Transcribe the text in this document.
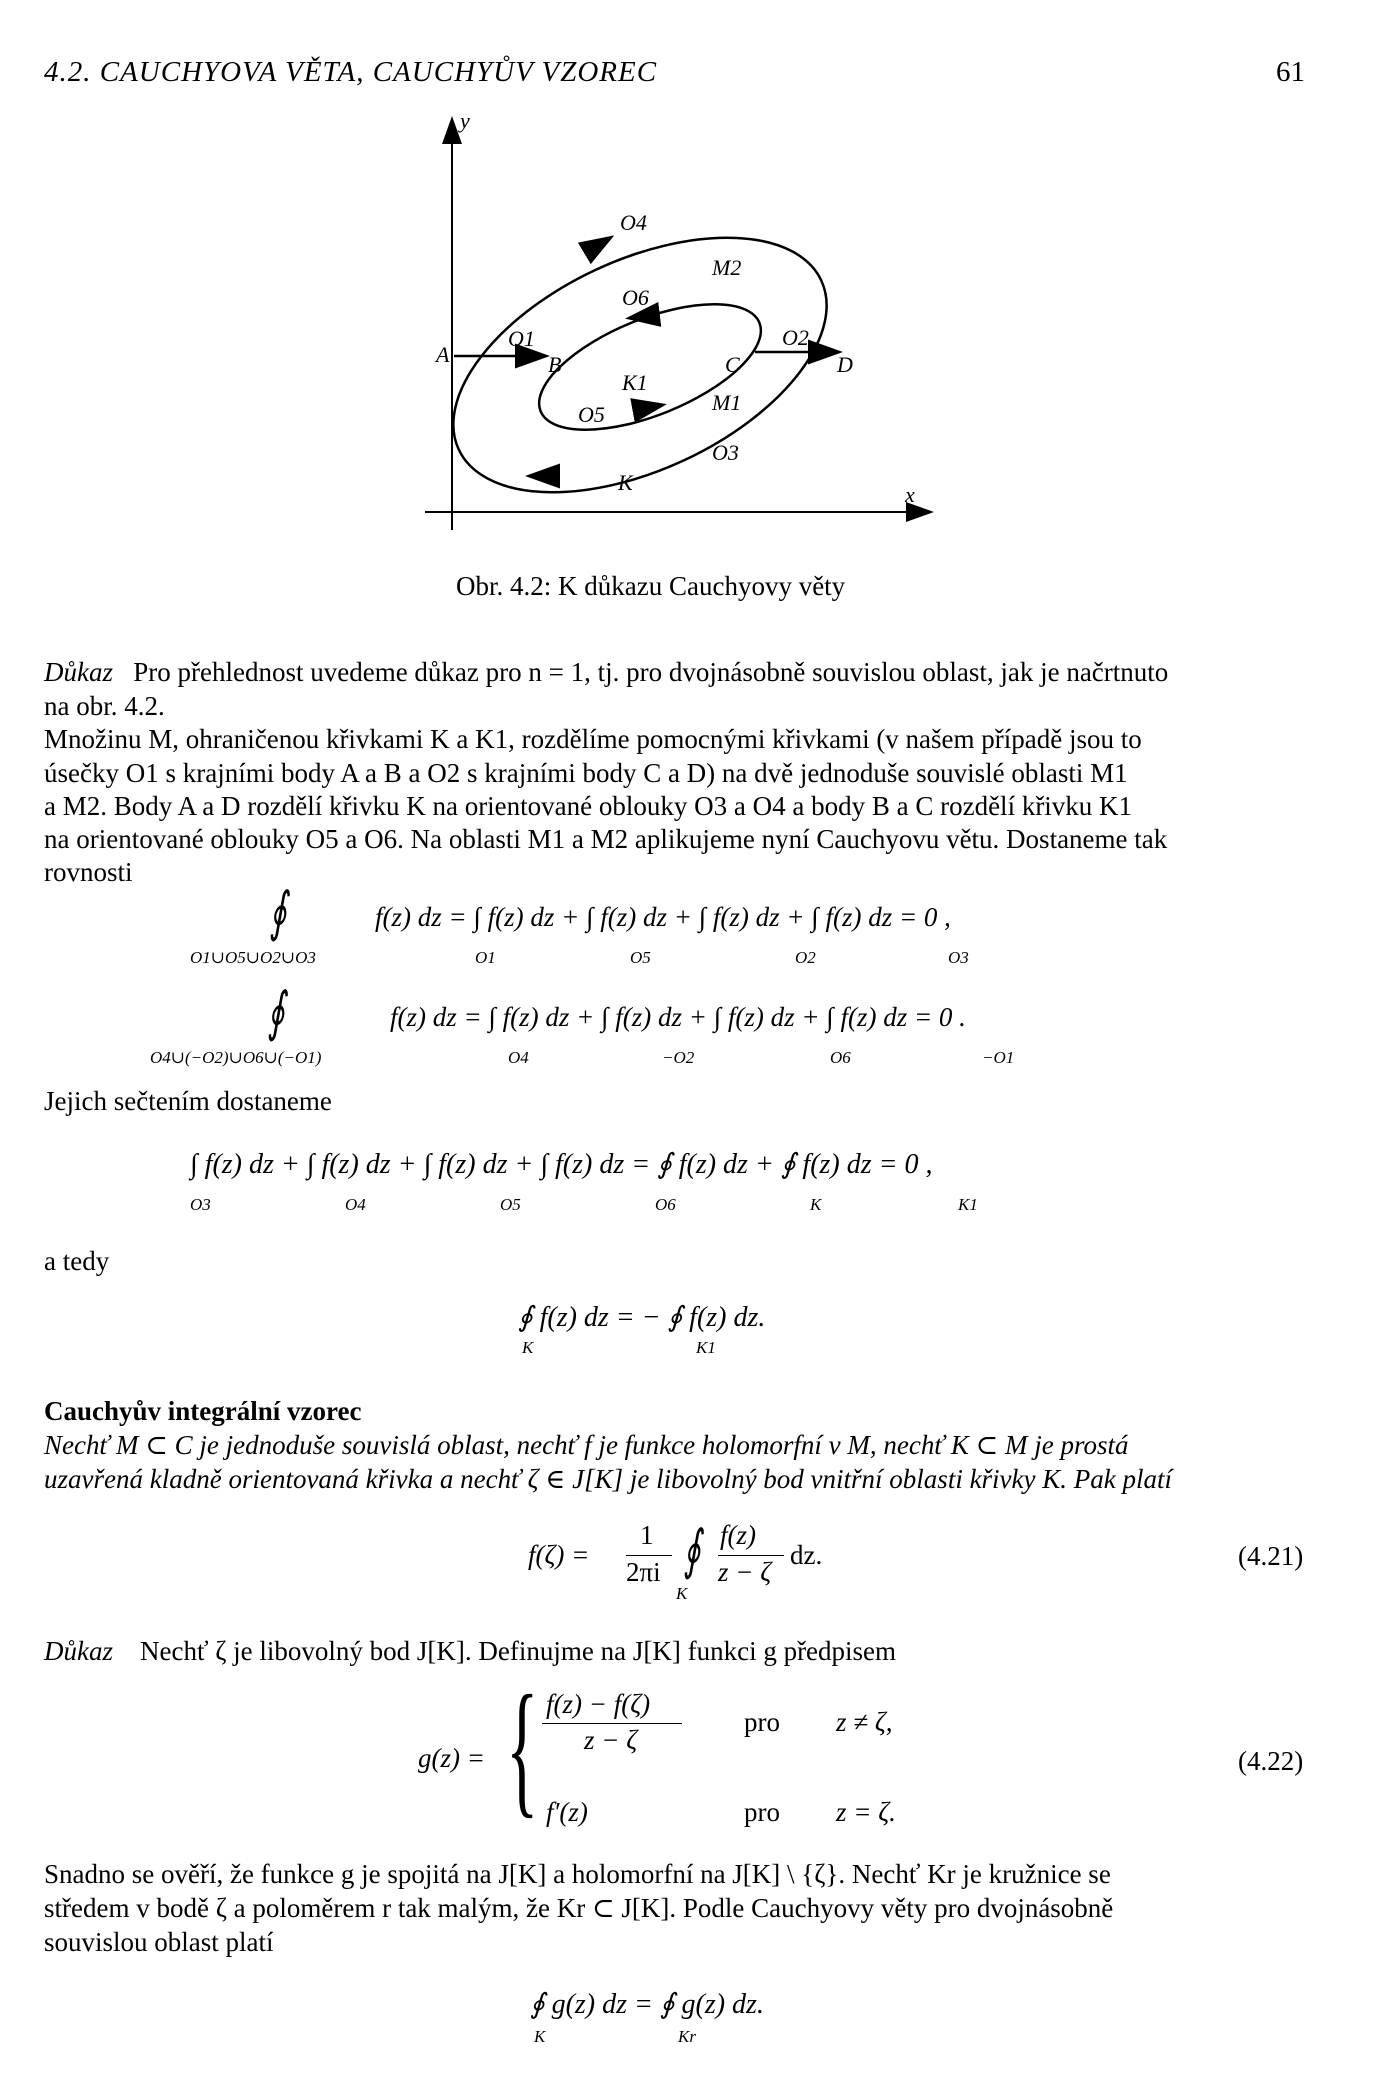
4.2. CAUCHYOVA VĚTA, CAUCHYŮV VZOREC	61
y
x
O4
M2
O6
A
O1
B
K1
C
O2
D
M1
O5
O3
K
Obr. 4.2: K důkazu Cauchyovy věty
Důkaz Pro přehlednost uvedeme důkaz pro n = 1, tj. pro dvojnásobně souvislou oblast, jak je načrtnuto
na obr. 4.2.
Množinu M, ohraničenou křivkami K a K1, rozdělíme pomocnými křivkami (v našem případě jsou to
úsečky O1 s krajními body A a B a O2 s krajními body C a D) na dvě jednoduše souvislé oblasti M1
a M2. Body A a D rozdělí křivku K na orientované oblouky O3 a O4 a body B a C rozdělí křivku K1
na orientované oblouky O5 a O6. Na oblasti M1 a M2 aplikujeme nyní Cauchyovu větu. Dostaneme tak
rovnosti
∮	f(z) dz = ∫ f(z) dz + ∫ f(z) dz + ∫ f(z) dz + ∫ f(z) dz = 0 ,
O1∪O5∪O2∪O3	O1	O5	O2	O3
∮	f(z) dz = ∫ f(z) dz + ∫ f(z) dz + ∫ f(z) dz + ∫ f(z) dz = 0 .
O4∪(−O2)∪O6∪(−O1)	O4	−O2	O6	−O1
Jejich sečtením dostaneme
∫ f(z) dz + ∫ f(z) dz + ∫ f(z) dz + ∫ f(z) dz = ∮ f(z) dz + ∮ f(z) dz = 0 ,
O3	O4	O5	O6	K	K1
a tedy
∮ f(z) dz = − ∮ f(z) dz.
K	K1
Cauchyův integrální vzorec
Nechť M ⊂ C je jednoduše souvislá oblast, nechť f je funkce holomorfní v M, nechť K ⊂ M je prostá
uzavřená kladně orientovaná křivka a nechť ζ ∈ J[K] je libovolný bod vnitřní oblasti křivky K. Pak platí
f(ζ) =
1
2πi ∮ f(z)
z − ζ
dz.
K
(4.21)
Důkaz Nechť ζ je libovolný bod J[K]. Definujme na J[K] funkci g předpisem
g(z) = { f(z) − f(ζ)
z − ζ
pro z ≠ ζ,
f′(z)	pro z = ζ.
(4.22)
Snadno se ověří, že funkce g je spojitá na J[K] a holomorfní na J[K] \ {ζ}. Nechť Kr je kružnice se
středem v bodě ζ a poloměrem r tak malým, že Kr ⊂ J[K]. Podle Cauchyovy věty pro dvojnásobně
souvislou oblast platí
∮ g(z) dz = ∮ g(z) dz.
K	Kr
